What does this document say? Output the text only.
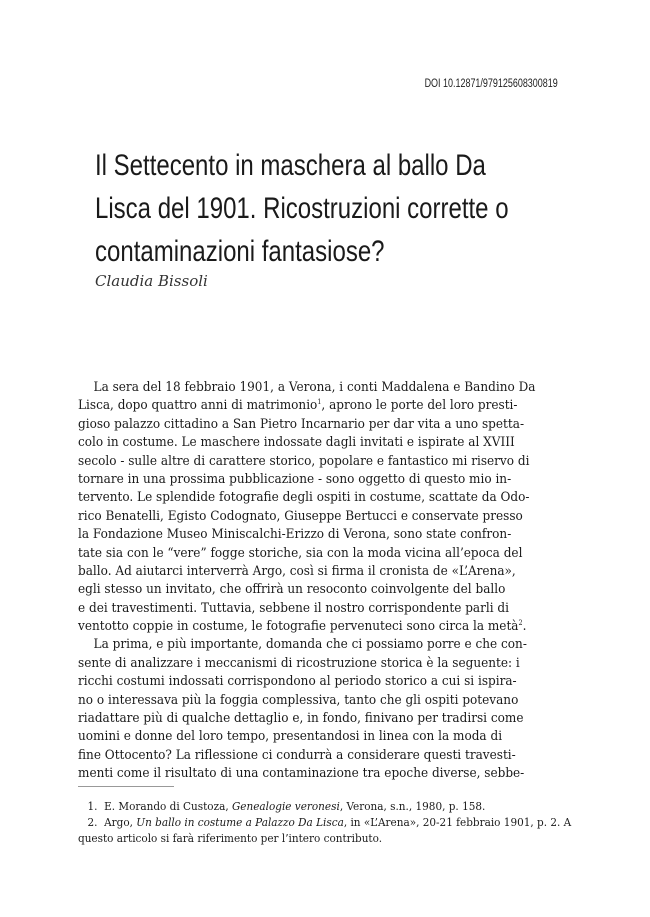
DOI 10.12871/979125608300819
Il Settecento in maschera al ballo Da
Lisca del 1901. Ricostruzioni corrette o
contaminazioni fantasiose?
Claudia Bissoli
La sera del 18 febbraio 1901, a Verona, i conti Maddalena e Bandino Da
Lisca, dopo quattro anni di matrimonio$^1$, aprono le porte del loro presti-
gioso palazzo cittadino a San Pietro Incarnario per dar vita a uno spetta-
colo in costume. Le maschere indossate dagli invitati e ispirate al XVIII
secolo - sulle altre di carattere storico, popolare e fantastico mi riservo di
tornare in una prossima pubblicazione - sono oggetto di questo mio in-
tervento. Le splendide fotografie degli ospiti in costume, scattate da Odo-
rico Benatelli, Egisto Codognato, Giuseppe Bertucci e conservate presso
la Fondazione Museo Miniscalchi-Erizzo di Verona, sono state confron-
tate sia con le “vere” fogge storiche, sia con la moda vicina all’epoca del
ballo. Ad aiutarci interverrà Argo, così si firma il cronista de «L’Arena»,
egli stesso un invitato, che offrirà un resoconto coinvolgente del ballo
e dei travestimenti. Tuttavia, sebbene il nostro corrispondente parli di
ventotto coppie in costume, le fotografie pervenuteci sono circa la metà$^2$.
La prima, e più importante, domanda che ci possiamo porre e che con-
sente di analizzare i meccanismi di ricostruzione storica è la seguente: i
ricchi costumi indossati corrispondono al periodo storico a cui si ispira-
no o interessava più la foggia complessiva, tanto che gli ospiti potevano
riadattare più di qualche dettaglio e, in fondo, finivano per tradirsi come
uomini e donne del loro tempo, presentandosi in linea con la moda di
fine Ottocento? La riflessione ci condurrà a considerare questi travesti-
menti come il risultato di una contaminazione tra epoche diverse, sebbe-
1. E. Morando di Custoza, Genealogie veronesi, Verona, s.n., 1980, p. 158.
2. Argo, Un ballo in costume a Palazzo Da Lisca, in «L’Arena», 20-21 febbraio 1901, p. 2. A
questo articolo si farà riferimento per l’intero contributo.
